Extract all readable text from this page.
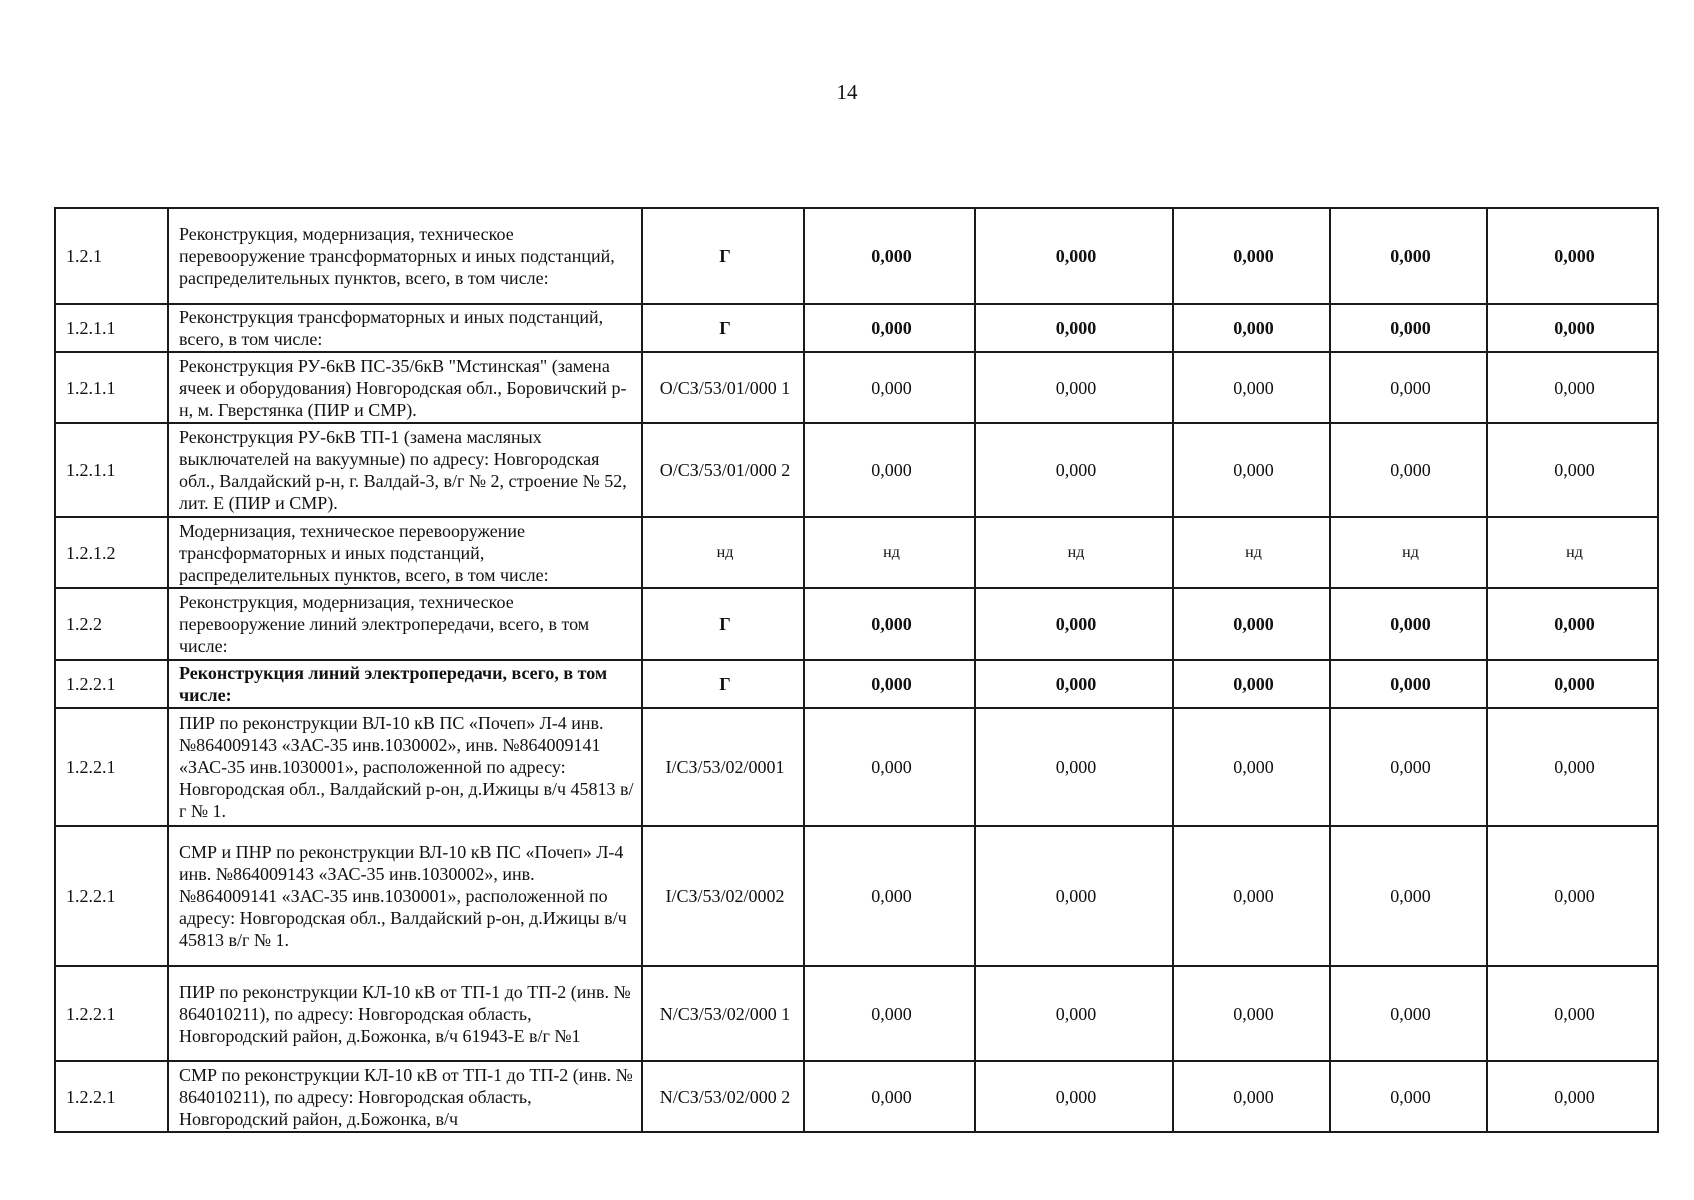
14
1.2.1	Реконструкция, модернизация, техническое перевооружение трансформаторных и иных подстанций, распределительных пунктов, всего, в том числе:	Г	0,000	0,000	0,000	0,000	0,000
1.2.1.1	Реконструкция трансформаторных и иных подстанций, всего, в том числе:	Г	0,000	0,000	0,000	0,000	0,000
1.2.1.1	Реконструкция РУ-6кВ ПС-35/6кВ "Мстинская" (замена ячеек и оборудования) Новгородская обл., Боровичский р-н, м. Гверстянка (ПИР и СМР).	O/СЗ/53/01/000 1	0,000	0,000	0,000	0,000	0,000
1.2.1.1	Реконструкция РУ-6кВ ТП-1 (замена масляных выключателей на вакуумные) по адресу: Новгородская обл., Валдайский р-н, г. Валдай-3, в/г № 2, строение № 52, лит. Е (ПИР и СМР).	O/СЗ/53/01/000 2	0,000	0,000	0,000	0,000	0,000
1.2.1.2	Модернизация, техническое перевооружение трансформаторных и иных подстанций, распределительных пунктов, всего, в том числе:	нд	нд	нд	нд	нд	нд
1.2.2	Реконструкция, модернизация, техническое перевооружение линий электропередачи, всего, в том числе:	Г	0,000	0,000	0,000	0,000	0,000
1.2.2.1	Реконструкция линий электропередачи, всего, в том числе:	Г	0,000	0,000	0,000	0,000	0,000
1.2.2.1	ПИР по реконструкции ВЛ-10 кВ ПС «Почеп» Л-4 инв. №864009143 «ЗАС-35 инв.1030002», инв. №864009141 «ЗАС-35 инв.1030001», расположенной по адресу: Новгородская обл., Валдайский р-он, д.Ижицы в/ч 45813 в/г № 1.	I/СЗ/53/02/0001	0,000	0,000	0,000	0,000	0,000
1.2.2.1	СМР и ПНР по реконструкции ВЛ-10 кВ ПС «Почеп» Л-4 инв. №864009143 «ЗАС-35 инв.1030002», инв. №864009141 «ЗАС-35 инв.1030001», расположенной по адресу: Новгородская обл., Валдайский р-он, д.Ижицы в/ч 45813 в/г № 1.	I/СЗ/53/02/0002	0,000	0,000	0,000	0,000	0,000
1.2.2.1	ПИР по реконструкции КЛ-10 кВ от ТП-1 до ТП-2 (инв. № 864010211), по адресу: Новгородская область, Новгородский район, д.Божонка, в/ч 61943-Е в/г №1	N/СЗ/53/02/000 1	0,000	0,000	0,000	0,000	0,000
1.2.2.1	СМР по реконструкции КЛ-10 кВ от ТП-1 до ТП-2 (инв. № 864010211), по адресу: Новгородская область, Новгородский район, д.Божонка, в/ч	N/СЗ/53/02/000 2	0,000	0,000	0,000	0,000	0,000
